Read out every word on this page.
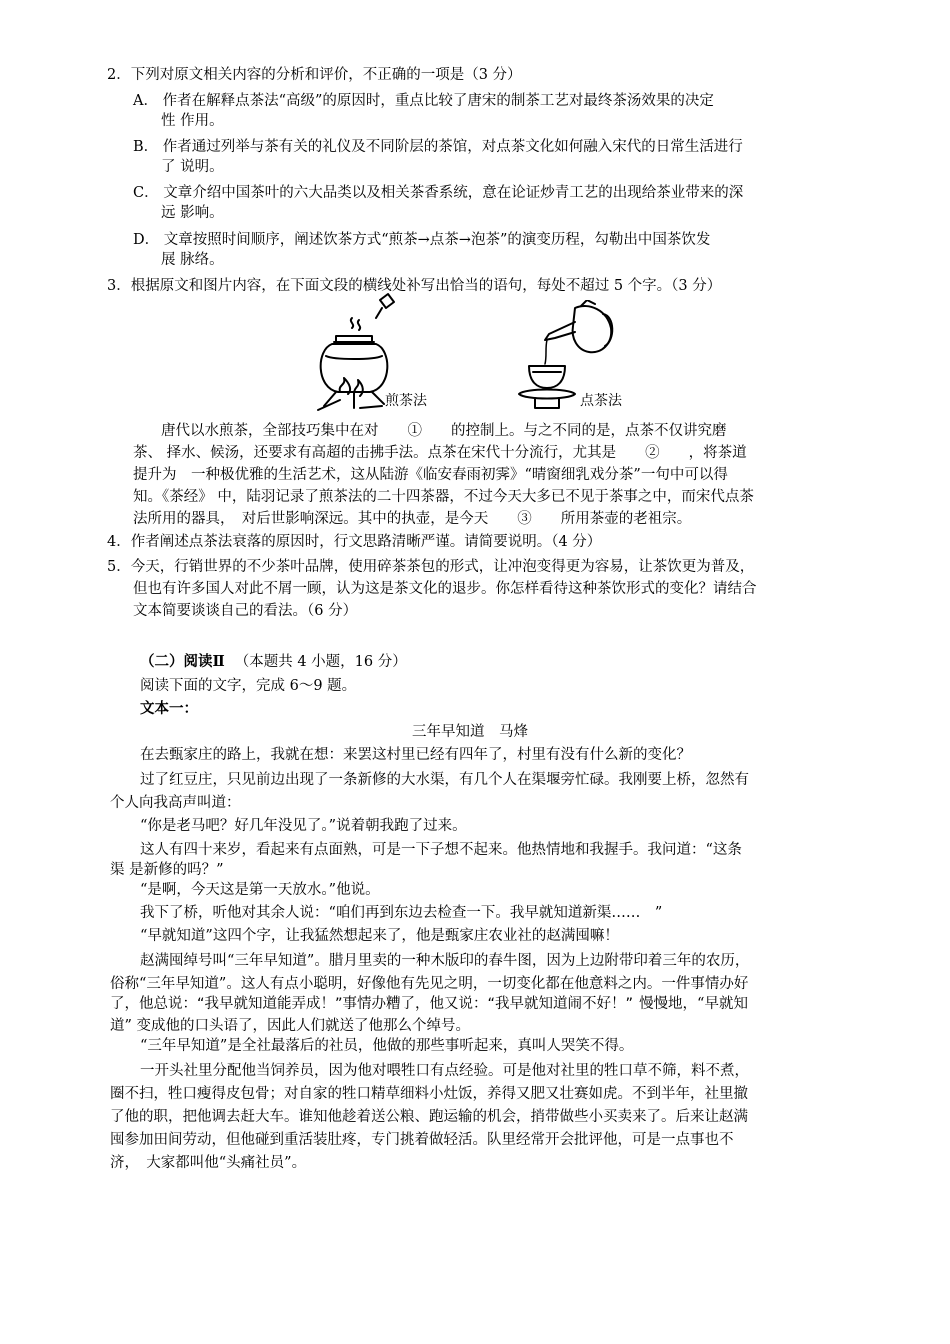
2．下列对原文相关内容的分析和评价，不正确的一项是（3 分）
A． 作者在解释点茶法“高级”的原因时，重点比较了唐宋的制茶工艺对最终茶汤效果的决定
性 作用。
B． 作者通过列举与茶有关的礼仪及不同阶层的茶馆，对点茶文化如何融入宋代的日常生活进行
了 说明。
C． 文章介绍中国茶叶的六大品类以及相关茶香系统，意在论证炒青工艺的出现给茶业带来的深
远 影响。
D． 文章按照时间顺序，阐述饮茶方式“煎茶→点茶→泡茶”的演变历程，勾勒出中国茶饮发
展 脉络。
3．根据原文和图片内容，在下面文段的横线处补写出恰当的语句，每处不超过 5 个字。（3 分）
煎茶法	点茶法
唐代以水煎茶，全部技巧集中在对　　①　　的控制上。与之不同的是，点茶不仅讲究磨
茶、 择水、候汤，还要求有高超的击拂手法。点茶在宋代十分流行，尤其是　　②　　，将茶道
提升为　一种极优雅的生活艺术，这从陆游《临安春雨初霁》“晴窗细乳戏分茶”一句中可以得
知。《茶经》 中，陆羽记录了煎茶法的二十四茶器，不过今天大多已不见于茶事之中，而宋代点茶
法所用的器具，　对后世影响深远。其中的执壶，是今天　　③　　所用茶壶的老祖宗。
4．作者阐述点茶法衰落的原因时，行文思路清晰严谨。请简要说明。（4 分）
5．今天，行销世界的不少茶叶品牌，使用碎茶茶包的形式，让冲泡变得更为容易，让茶饮更为普及，
但也有许多国人对此不屑一顾，认为这是茶文化的退步。你怎样看待这种茶饮形式的变化？请结合
文本简要谈谈自己的看法。（6 分）
（二）阅读Ⅱ （本题共 4 小题，16 分）
阅读下面的文字，完成 6～9 题。
文本一：
三年早知道　马烽
在去甄家庄的路上，我就在想：来罢这村里已经有四年了，村里有没有什么新的变化？
过了红豆庄，只见前边出现了一条新修的大水渠，有几个人在渠堰旁忙碌。我刚要上桥，忽然有
个人向我高声叫道：
“你是老马吧？好几年没见了。”说着朝我跑了过来。
这人有四十来岁，看起来有点面熟，可是一下子想不起来。他热情地和我握手。我问道：“这条
渠 是新修的吗？”
“是啊，今天这是第一天放水。”他说。
我下了桥，听他对其余人说：“咱们再到东边去检查一下。我早就知道新渠……　”
“早就知道”这四个字，让我猛然想起来了，他是甄家庄农业社的赵满囤嘛！
赵满囤绰号叫“三年早知道”。腊月里卖的一种木版印的春牛图，因为上边附带印着三年的农历，
俗称“三年早知道”。这人有点小聪明，好像他有先见之明，一切变化都在他意料之内。一件事情办好
了，他总说：“我早就知道能弄成！”事情办糟了，他又说：“我早就知道闹不好！” 慢慢地，“早就知
道” 变成他的口头语了，因此人们就送了他那么个绰号。
“三年早知道”是全社最落后的社员，他做的那些事听起来，真叫人哭笑不得。
一开头社里分配他当饲养员，因为他对喂牲口有点经验。可是他对社里的牲口草不筛，料不煮，
圈不扫，牲口瘦得皮包骨；对自家的牲口精草细料小灶饭，养得又肥又壮赛如虎。不到半年，社里撤
了他的职，把他调去赶大车。谁知他趁着送公粮、跑运输的机会，捎带做些小买卖来了。后来让赵满
囤参加田间劳动，但他碰到重活装肚疼，专门挑着做轻活。队里经常开会批评他，可是一点事也不
济，　大家都叫他“头痛社员”。
